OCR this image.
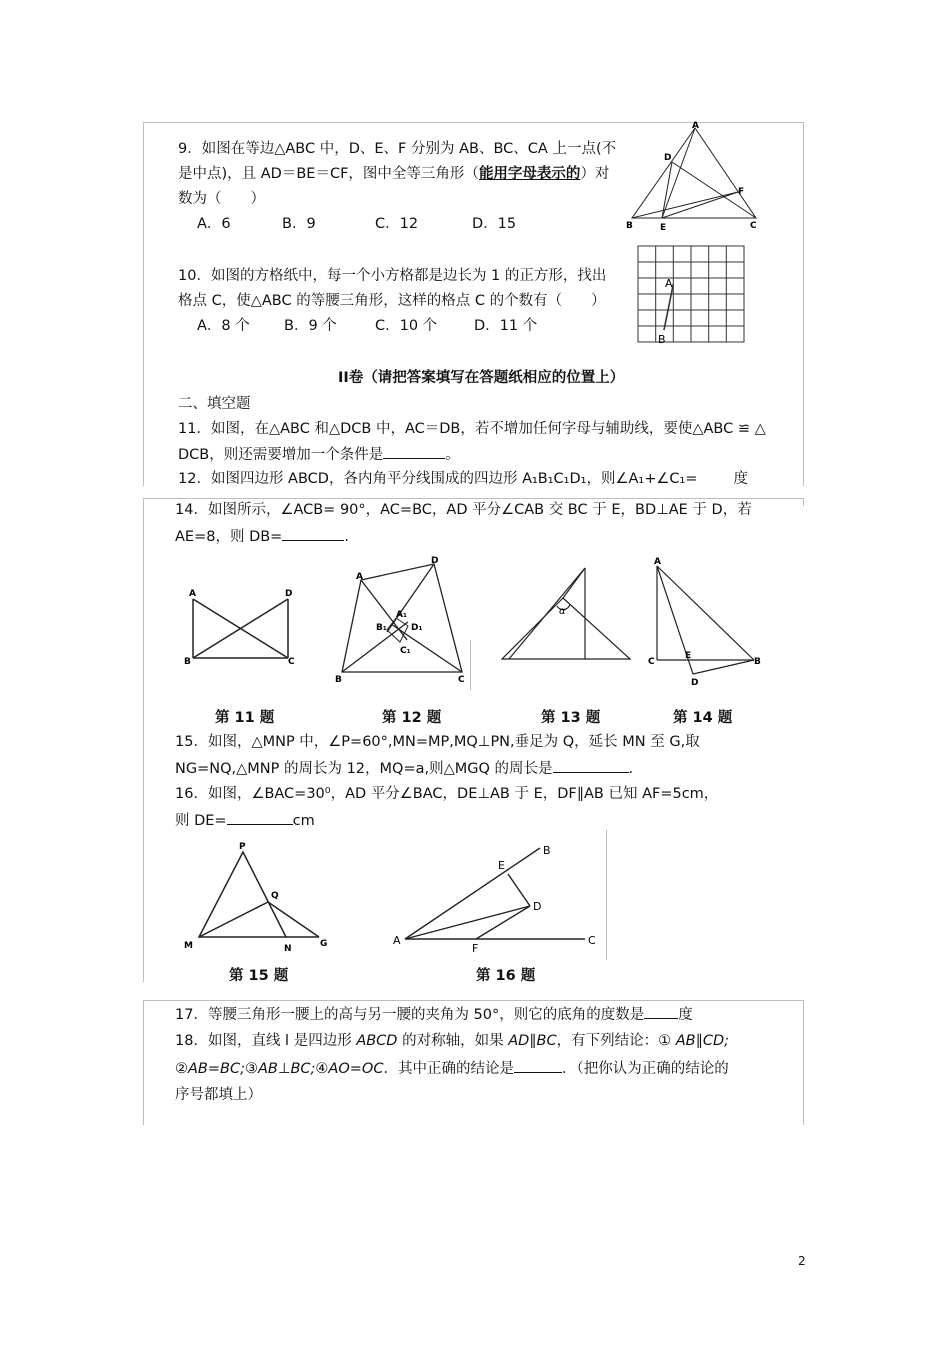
9．如图在等边△ABC 中，D、E、F 分别为 AB、BC、CA 上一点(不
是中点)，且 AD＝BE＝CF，图中全等三角形（能用字母表示的）对
数为（　　）
A．6	B．9	C．12	D．15
A
D
F
B	E	C
10．如图的方格纸中，每一个小方格都是边长为 1 的正方形，找出
格点 C，使△ABC 的等腰三角形，这样的格点 C 的个数有（　　）
A．8 个 B．9 个	C．10 个	D．11 个
A
B
II卷（请把答案填写在答题纸相应的位置上）
二、填空题
11．如图，在△ABC 和△DCB 中，AC＝DB，若不增加任何字母与辅助线，要使△ABC ≌ △
DCB，则还需要增加一个条件是	。
12．如图四边形 ABCD，各内角平分线围成的四边形 A₁B₁C₁D₁，则∠A₁+∠C₁= 度
14．如图所示，∠ACB= 90°，AC=BC，AD 平分∠CAB 交 BC 于 E，BD⊥AE 于 D，若
AE=8，则 DB=	.
A	D
B	C
A
D
A₁
B₁	D₁
C₁
B	C
α
A
C
E
B
D
第 11 题	第 12 题	第 13 题	第 14 题
15．如图，△MNP 中，∠P=60°,MN=MP,MQ⊥PN,垂足为 Q，延长 MN 至 G,取
NG=NQ,△MNP 的周长为 12，MQ=a,则△MGQ 的周长是	.
16．如图，∠BAC=30⁰，AD 平分∠BAC，DE⊥AB 于 E，DF∥AB 已知 AF=5cm，
则 DE=	cm
P
Q
M	N	G
B
E
D
A
F
C
第 15 题	第 16 题
17．等腰三角形一腰上的高与另一腰的夹角为 50°，则它的底角的度数是 度
18．如图，直线 l 是四边形 ABCD 的对称轴，如果 AD∥BC，有下列结论：① AB∥CD;
②AB=BC;③AB⊥BC;④AO=OC．其中正确的结论是	．（把你认为正确的结论的
序号都填上）
2
